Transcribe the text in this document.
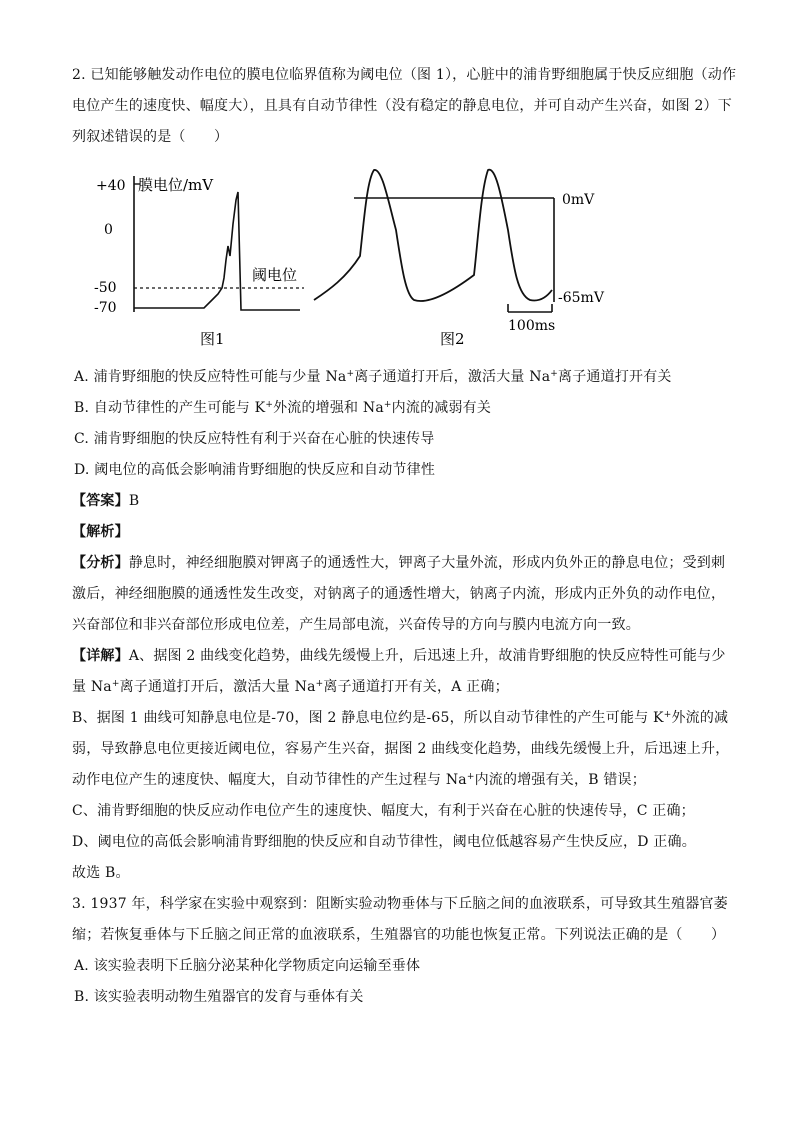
2. 已知能够触发动作电位的膜电位临界值称为阈电位（图 1），心脏中的浦肯野细胞属于快反应细胞（动作
电位产生的速度快、幅度大），且具有自动节律性（没有稳定的静息电位，并可自动产生兴奋，如图 2）下
列叙述错误的是（　　）
+40
0
-50
-70
膜电位/mV
阈电位
图1
0mV
-65mV
100ms
图2
A. 浦肯野细胞的快反应特性可能与少量 Na+离子通道打开后，激活大量 Na+离子通道打开有关
B. 自动节律性的产生可能与 K+外流的增强和 Na+内流的减弱有关
C. 浦肯野细胞的快反应特性有利于兴奋在心脏的快速传导
D. 阈电位的高低会影响浦肯野细胞的快反应和自动节律性
【答案】B
【解析】
【分析】静息时，神经细胞膜对钾离子的通透性大，钾离子大量外流，形成内负外正的静息电位；受到刺
激后，神经细胞膜的通透性发生改变，对钠离子的通透性增大，钠离子内流，形成内正外负的动作电位，
兴奋部位和非兴奋部位形成电位差，产生局部电流，兴奋传导的方向与膜内电流方向一致。
【详解】A、据图 2 曲线变化趋势，曲线先缓慢上升，后迅速上升，故浦肯野细胞的快反应特性可能与少
量 Na+离子通道打开后，激活大量 Na+离子通道打开有关，A 正确；
B、据图 1 曲线可知静息电位是-70，图 2 静息电位约是-65，所以自动节律性的产生可能与 K+外流的减
弱，导致静息电位更接近阈电位，容易产生兴奋，据图 2 曲线变化趋势，曲线先缓慢上升，后迅速上升，
动作电位产生的速度快、幅度大，自动节律性的产生过程与 Na+内流的增强有关，B 错误；
C、浦肯野细胞的快反应动作电位产生的速度快、幅度大，有利于兴奋在心脏的快速传导，C 正确；
D、阈电位的高低会影响浦肯野细胞的快反应和自动节律性，阈电位低越容易产生快反应，D 正确。
故选 B。
3. 1937 年，科学家在实验中观察到：阻断实验动物垂体与下丘脑之间的血液联系，可导致其生殖器官萎
缩；若恢复垂体与下丘脑之间正常的血液联系，生殖器官的功能也恢复正常。下列说法正确的是（　　）
A. 该实验表明下丘脑分泌某种化学物质定向运输至垂体
B. 该实验表明动物生殖器官的发育与垂体有关
